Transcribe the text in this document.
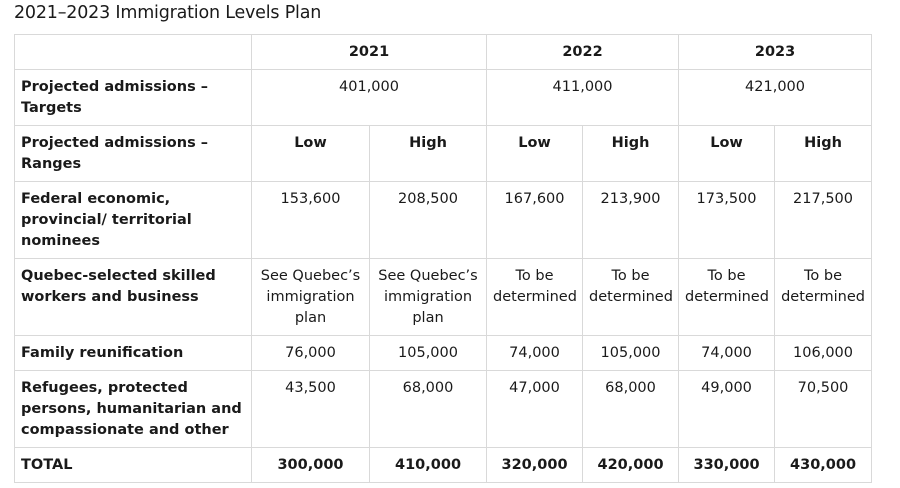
2021–2023 Immigration Levels Plan
	2021		2022		2023	
Projected admissions – Targets	401,000		411,000		421,000	
Projected admissions – Ranges	Low	High	Low	High	Low	High
Federal economic, provincial/ territorial nominees	153,600	208,500	167,600	213,900	173,500	217,500
Quebec-selected skilled workers and business	See Quebec’s immigration plan	See Quebec’s immigration plan	To be determined	To be determined	To be determined	To be determined
Family reunification	76,000	105,000	74,000	105,000	74,000	106,000
Refugees, protected persons, humanitarian and compassionate and other	43,500	68,000	47,000	68,000	49,000	70,500
TOTAL	300,000	410,000	320,000	420,000	330,000	430,000
